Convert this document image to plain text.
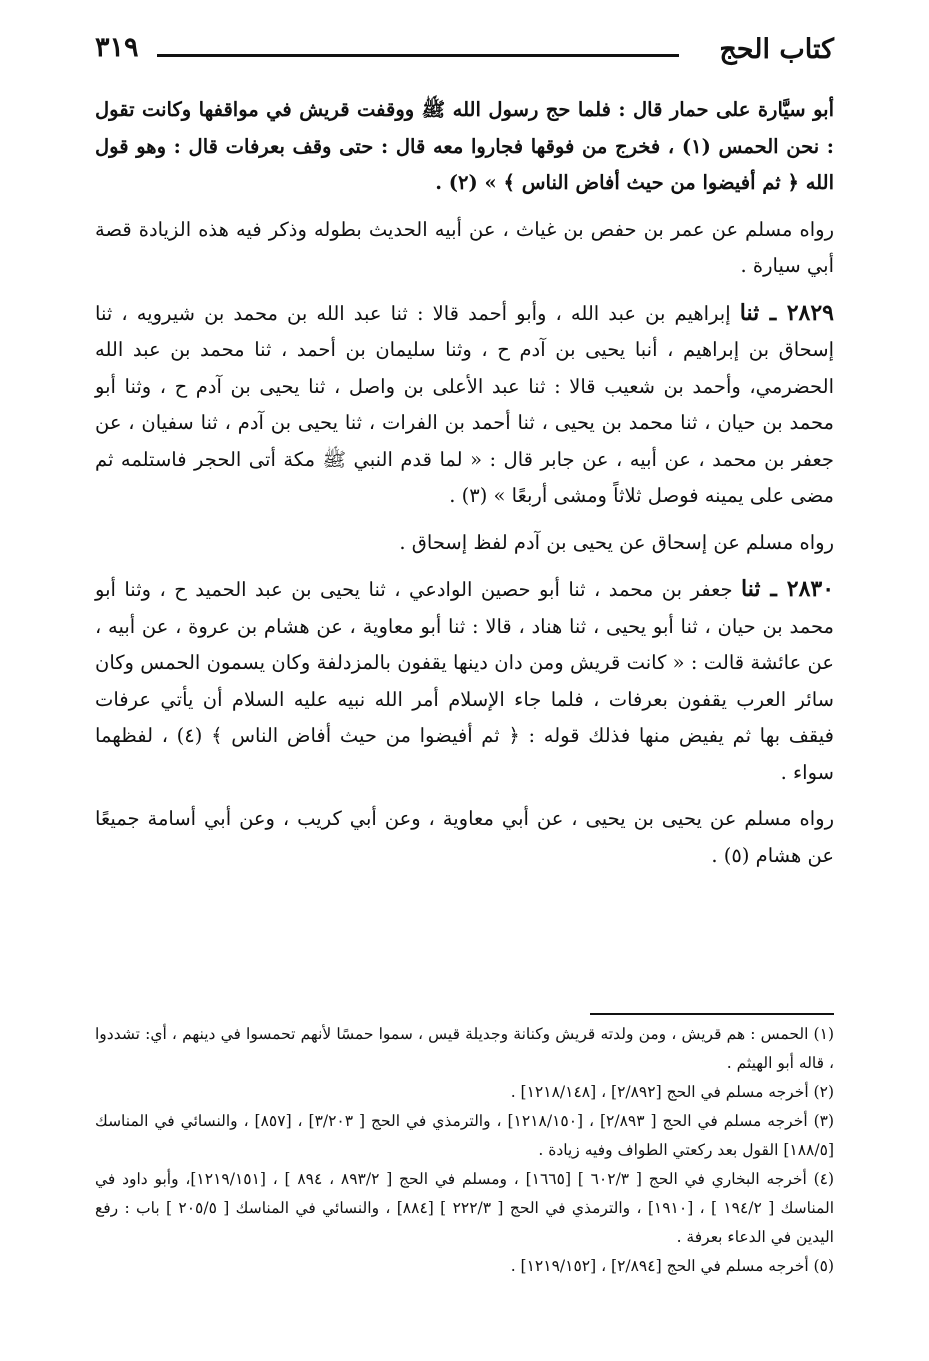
كتاب الحج
٣١٩

أبو سيَّارة على حمار قال : فلما حج رسول الله ﷺ ووقفت قريش في مواقفها وكانت تقول : نحن الحمس (١) ، فخرج من فوقها فجاروا معه قال : حتى وقف بعرفات قال : وهو قول الله ﴿ ثم أفيضوا من حيث أفاض الناس ﴾ » (٢) .

رواه مسلم عن عمر بن حفص بن غياث ، عن أبيه الحديث بطوله وذكر فيه هذه الزيادة قصة أبي سيارة .

٢٨٢٩ ـ ثنا إبراهيم بن عبد الله ، وأبو أحمد قالا : ثنا عبد الله بن محمد بن شيرويه ، ثنا إسحاق بن إبراهيم ، أنبا يحيى بن آدم ح ، وثنا سليمان بن أحمد ، ثنا محمد بن عبد الله الحضرمي، وأحمد بن شعيب قالا : ثنا عبد الأعلى بن واصل ، ثنا يحيى بن آدم ح ، وثنا أبو محمد بن حيان ، ثنا محمد بن يحيى ، ثنا أحمد بن الفرات ، ثنا يحيى بن آدم ، ثنا سفيان ، عن جعفر بن محمد ، عن أبيه ، عن جابر قال : « لما قدم النبي ﷺ مكة أتى الحجر فاستلمه ثم مضى على يمينه فوصل ثلاثاً ومشى أربعًا » (٣) .

رواه مسلم عن إسحاق عن يحيى بن آدم لفظ إسحاق .

٢٨٣٠ ـ ثنا جعفر بن محمد ، ثنا أبو حصين الوادعي ، ثنا يحيى بن عبد الحميد ح ، وثنا أبو محمد بن حيان ، ثنا أبو يحيى ، ثنا هناد ، قالا : ثنا أبو معاوية ، عن هشام بن عروة ، عن أبيه ، عن عائشة قالت : « كانت قريش ومن دان دينها يقفون بالمزدلفة وكان يسمون الحمس وكان سائر العرب يقفون بعرفات ، فلما جاء الإسلام أمر الله نبيه عليه السلام أن يأتي عرفات فيقف بها ثم يفيض منها فذلك قوله : ﴿ ثم أفيضوا من حيث أفاض الناس ﴾ (٤) ، لفظهما سواء .

رواه مسلم عن يحيى بن يحيى ، عن أبي معاوية ، وعن أبي كريب ، وعن أبي أسامة جميعًا عن هشام (٥) .

(١) الحمس : هم قريش ، ومن ولدته قريش وكنانة وجديلة قيس ، سموا حمسًا لأنهم تحمسوا في دينهم ، أي: تشددوا ، قاله أبو الهيثم .

(٢) أخرجه مسلم في الحج [٢/٨٩٢] ، [١٢١٨/١٤٨] .

(٣) أخرجه مسلم في الحج [ ٢/٨٩٣] ، [١٢١٨/١٥٠] ، والترمذي في الحج [ ٣/٢٠٣] ، [٨٥٧] ، والنسائي في المناسك [١٨٨/٥] القول بعد ركعتي الطواف وفيه زيادة .

(٤) أخرجه البخاري في الحج [ ٦٠٢/٣ ] [١٦٦٥] ، ومسلم في الحج [ ٨٩٣/٢ ، ٨٩٤ ] ، [١٢١٩/١٥١]، وأبو داود في المناسك [ ١٩٤/٢ ] ، [١٩١٠] ، والترمذي في الحج [ ٢٢٢/٣ ] [٨٨٤] ، والنسائي في المناسك [ ٢٠٥/٥ ] باب : رفع اليدين في الدعاء بعرفة .

(٥) أخرجه مسلم في الحج [٢/٨٩٤] ، [١٢١٩/١٥٢] .
